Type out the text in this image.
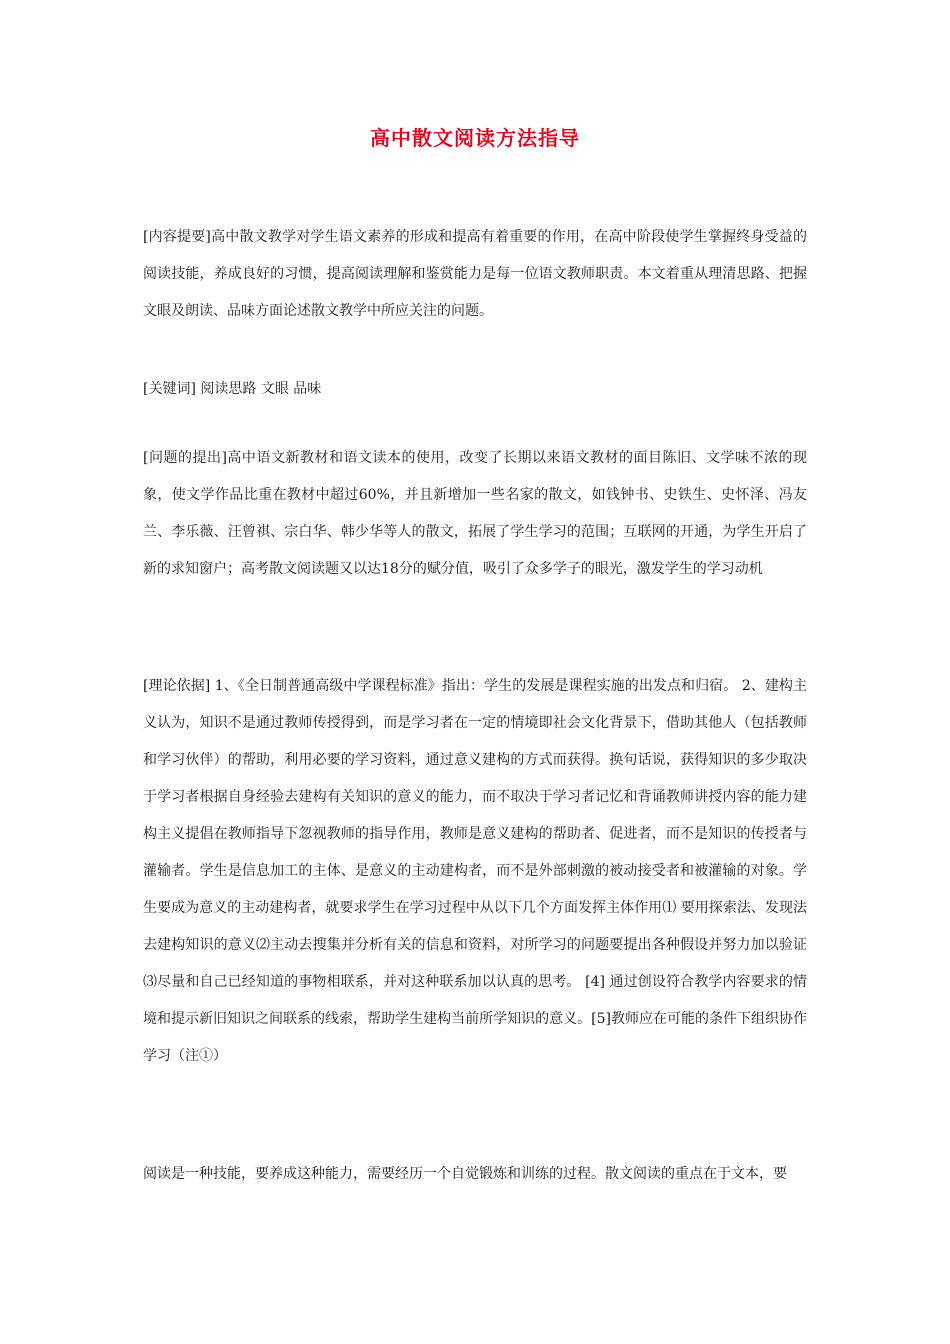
高中散文阅读方法指导

[内容提要]高中散文教学对学生语文素养的形成和提高有着重要的作用，在高中阶段使学生掌握终身受益的阅读技能，养成良好的习惯，提高阅读理解和鉴赏能力是每一位语文教师职责。本文着重从理清思路、把握文眼及朗读、品味方面论述散文教学中所应关注的问题。

[关键词] 阅读思路 文眼 品味

[问题的提出]高中语文新教材和语文读本的使用，改变了长期以来语文教材的面目陈旧、文学味不浓的现象，使文学作品比重在教材中超过60%，并且新增加一些名家的散文，如钱钟书、史铁生、史怀泽、冯友兰、李乐薇、汪曾祺、宗白华、韩少华等人的散文，拓展了学生学习的范围；互联网的开通，为学生开启了新的求知窗户；高考散文阅读题又以达18分的赋分值，吸引了众多学子的眼光，激发学生的学习动机

[理论依据] 1、《全日制普通高级中学课程标准》指出：学生的发展是课程实施的出发点和归宿。 2、建构主义认为，知识不是通过教师传授得到，而是学习者在一定的情境即社会文化背景下，借助其他人（包括教师和学习伙伴）的帮助，利用必要的学习资料，通过意义建构的方式而获得。换句话说，获得知识的多少取决于学习者根据自身经验去建构有关知识的意义的能力，而不取决于学习者记忆和背诵教师讲授内容的能力建构主义提倡在教师指导下忽视教师的指导作用，教师是意义建构的帮助者、促进者，而不是知识的传授者与灌输者。学生是信息加工的主体、是意义的主动建构者，而不是外部刺激的被动接受者和被灌输的对象。学生要成为意义的主动建构者，就要求学生在学习过程中从以下几个方面发挥主体作用⑴ 要用探索法、发现法去建构知识的意义⑵主动去搜集并分析有关的信息和资料，对所学习的问题要提出各种假设并努力加以验证 ⑶尽量和自己已经知道的事物相联系，并对这种联系加以认真的思考。 [4] 通过创设符合教学内容要求的情境和提示新旧知识之间联系的线索，帮助学生建构当前所学知识的意义。[5]教师应在可能的条件下组织协作学习（注①）

阅读是一种技能，要养成这种能力，需要经历一个自觉锻炼和训练的过程。散文阅读的重点在于文本，要
